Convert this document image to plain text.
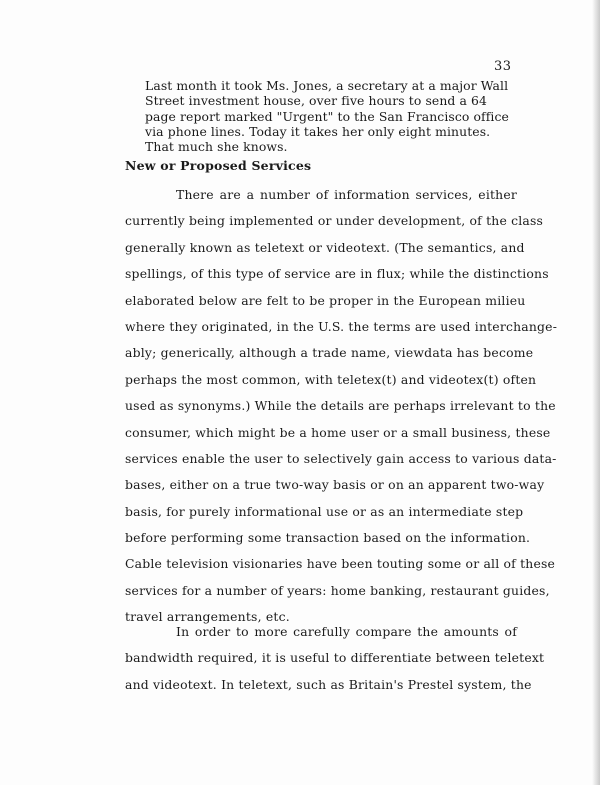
33
Last month it took Ms. Jones, a secretary at a major Wall
Street investment house, over five hours to send a 64
page report marked "Urgent" to the San Francisco office
via phone lines. Today it takes her only eight minutes.
That much she knows.
New or Proposed Services
There are a number of information services, either
currently being implemented or under development, of the class
generally known as teletext or videotext. (The semantics, and
spellings, of this type of service are in flux; while the distinctions
elaborated below are felt to be proper in the European milieu
where they originated, in the U.S. the terms are used interchange-
ably; generically, although a trade name, viewdata has become
perhaps the most common, with teletex(t) and videotex(t) often
used as synonyms.) While the details are perhaps irrelevant to the
consumer, which might be a home user or a small business, these
services enable the user to selectively gain access to various data-
bases, either on a true two-way basis or on an apparent two-way
basis, for purely informational use or as an intermediate step
before performing some transaction based on the information.
Cable television visionaries have been touting some or all of these
services for a number of years: home banking, restaurant guides,
travel arrangements, etc.
In order to more carefully compare the amounts of
bandwidth required, it is useful to differentiate between teletext
and videotext. In teletext, such as Britain's Prestel system, the
